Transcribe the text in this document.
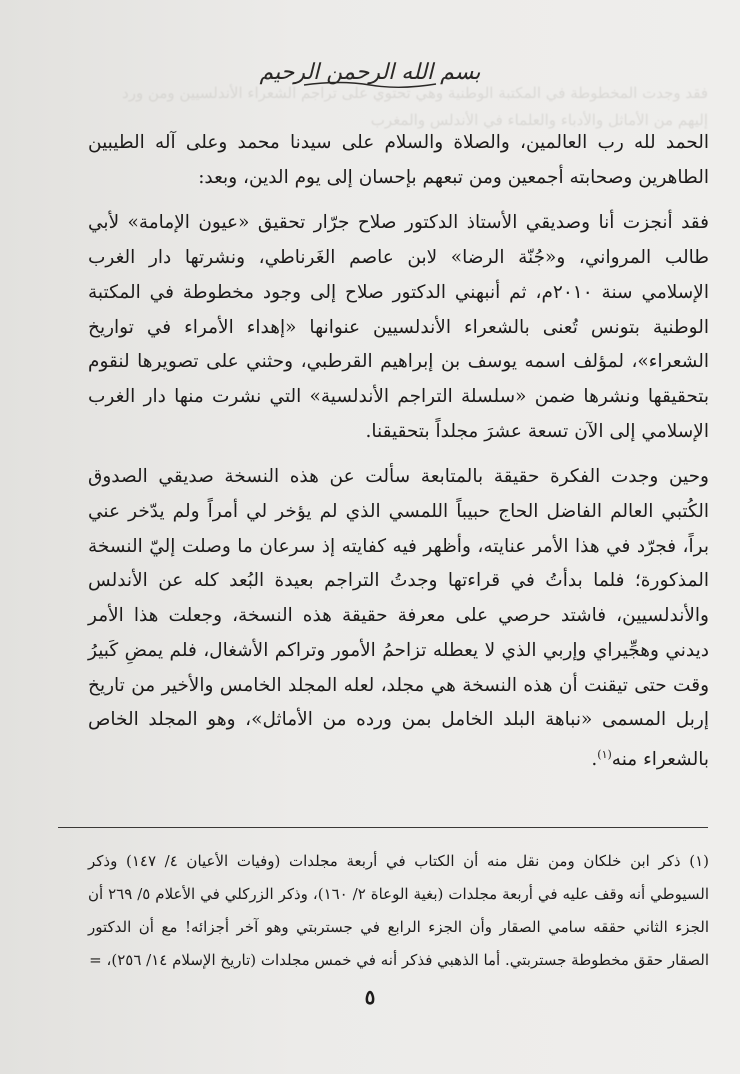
فقد وجدت المخطوطة في المكتبة الوطنية وهي تحتوي على تراجم الشعراء الأندلسيين ومن ورد إليهم من الأماثل والأدباء والعلماء في الأندلس والمغرب
بسم الله الرحمن الرحيم

الحمد لله رب العالمين، والصلاة والسلام على سيدنا محمد وعلى آله الطيبين الطاهرين وصحابته أجمعين ومن تبعهم بإحسان إلى يوم الدين، وبعد:

فقد أنجزت أنا وصديقي الأستاذ الدكتور صلاح جرّار تحقيق «عيون الإمامة» لأبي طالب المرواني، و«جُنّة الرضا» لابن عاصم الغَرناطي، ونشرتها دار الغرب الإسلامي سنة ٢٠١٠م، ثم أنبهني الدكتور صلاح إلى وجود مخطوطة في المكتبة الوطنية بتونس تُعنى بالشعراء الأندلسيين عنوانها «إهداء الأمراء في تواريخ الشعراء»، لمؤلف اسمه يوسف بن إبراهيم القرطبي، وحثني على تصويرها لنقوم بتحقيقها ونشرها ضمن «سلسلة التراجم الأندلسية» التي نشرت منها دار الغرب الإسلامي إلى الآن تسعة عشرَ مجلداً بتحقيقنا.

وحين وجدت الفكرة حقيقة بالمتابعة سألت عن هذه النسخة صديقي الصدوق الكُتبي العالم الفاضل الحاج حبيباً اللمسي الذي لم يؤخر لي أمراً ولم يدّخر عني براً، فجرّد في هذا الأمر عنايته، وأظهر فيه كفايته إذ سرعان ما وصلت إليّ النسخة المذكورة؛ فلما بدأتُ في قراءتها وجدتُ التراجم بعيدة البُعد كله عن الأندلس والأندلسيين، فاشتد حرصي على معرفة حقيقة هذه النسخة، وجعلت هذا الأمر ديدني وهجِّيراي وإربي الذي لا يعطله تزاحمُ الأمور وتراكم الأشغال، فلم يمضِ كَبيرُ وقت حتى تيقنت أن هذه النسخة هي مجلد، لعله المجلد الخامس والأخير من تاريخ إربل المسمى «نباهة البلد الخامل بمن ورده من الأماثل»، وهو المجلد الخاص بالشعراء منه$^{(١)}$.

(١) ذكر ابن خلكان ومن نقل منه أن الكتاب في أربعة مجلدات (وفيات الأعيان ٤/ ١٤٧) وذكر السيوطي أنه وقف عليه في أربعة مجلدات (بغية الوعاة ٢/ ١٦٠)، وذكر الزركلي في الأعلام ٥/ ٢٦٩ أن الجزء الثاني حققه سامي الصقار وأن الجزء الرابع في جستربتي وهو آخر أجزائه! مع أن الدكتور الصقار حقق مخطوطة جستربتي. أما الذهبي فذكر أنه في خمس مجلدات (تاريخ الإسلام ١٤/ ٢٥٦)، =
٥
